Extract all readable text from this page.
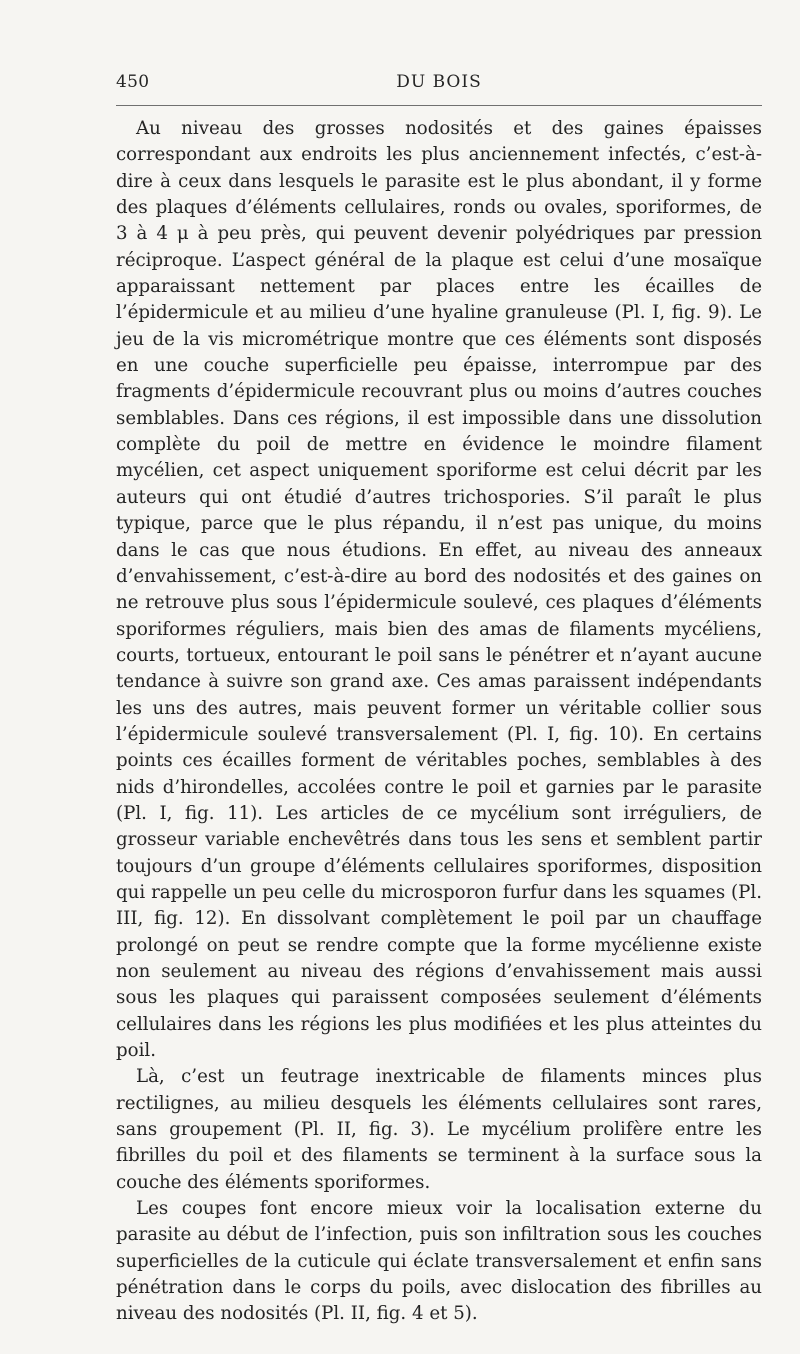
450	DU BOIS

Au niveau des grosses nodosités et des gaines épaisses correspondant aux endroits les plus anciennement infectés, c’est-à-dire à ceux dans lesquels le parasite est le plus abondant, il y forme des plaques d’éléments cellulaires, ronds ou ovales, sporiformes, de 3 à 4 μ à peu près, qui peuvent devenir polyédriques par pression réciproque. L’aspect général de la plaque est celui d’une mosaïque apparaissant nettement par places entre les écailles de l’épidermicule et au milieu d’une hyaline granuleuse (Pl. I, fig. 9). Le jeu de la vis micrométrique montre que ces éléments sont disposés en une couche superficielle peu épaisse, interrompue par des fragments d’épidermicule recouvrant plus ou moins d’autres couches semblables. Dans ces régions, il est impossible dans une dissolution complète du poil de mettre en évidence le moindre filament mycélien, cet aspect uniquement sporiforme est celui décrit par les auteurs qui ont étudié d’autres trichospories. S’il paraît le plus typique, parce que le plus répandu, il n’est pas unique, du moins dans le cas que nous étudions. En effet, au niveau des anneaux d’envahissement, c’est-à-dire au bord des nodosités et des gaines on ne retrouve plus sous l’épidermicule soulevé, ces plaques d’éléments sporiformes réguliers, mais bien des amas de filaments mycéliens, courts, tortueux, entourant le poil sans le pénétrer et n’ayant aucune tendance à suivre son grand axe. Ces amas paraissent indépendants les uns des autres, mais peuvent former un véritable collier sous l’épidermicule soulevé transversalement (Pl. I, fig. 10). En certains points ces écailles forment de véritables poches, semblables à des nids d’hirondelles, accolées contre le poil et garnies par le parasite (Pl. I, fig. 11). Les articles de ce mycélium sont irréguliers, de grosseur variable enchevêtrés dans tous les sens et semblent partir toujours d’un groupe d’éléments cellulaires sporiformes, disposition qui rappelle un peu celle du microsporon furfur dans les squames (Pl. III, fig. 12). En dissolvant complètement le poil par un chauffage prolongé on peut se rendre compte que la forme mycélienne existe non seulement au niveau des régions d’envahissement mais aussi sous les plaques qui paraissent composées seulement d’éléments cellulaires dans les régions les plus modifiées et les plus atteintes du poil.

Là, c’est un feutrage inextricable de filaments minces plus rectilignes, au milieu desquels les éléments cellulaires sont rares, sans groupement (Pl. II, fig. 3). Le mycélium prolifère entre les fibrilles du poil et des filaments se terminent à la surface sous la couche des éléments sporiformes.

Les coupes font encore mieux voir la localisation externe du parasite au début de l’infection, puis son infiltration sous les couches superficielles de la cuticule qui éclate transversalement et enfin sans pénétration dans le corps du poils, avec dislocation des fibrilles au niveau des nodosités (Pl. II, fig. 4 et 5).
